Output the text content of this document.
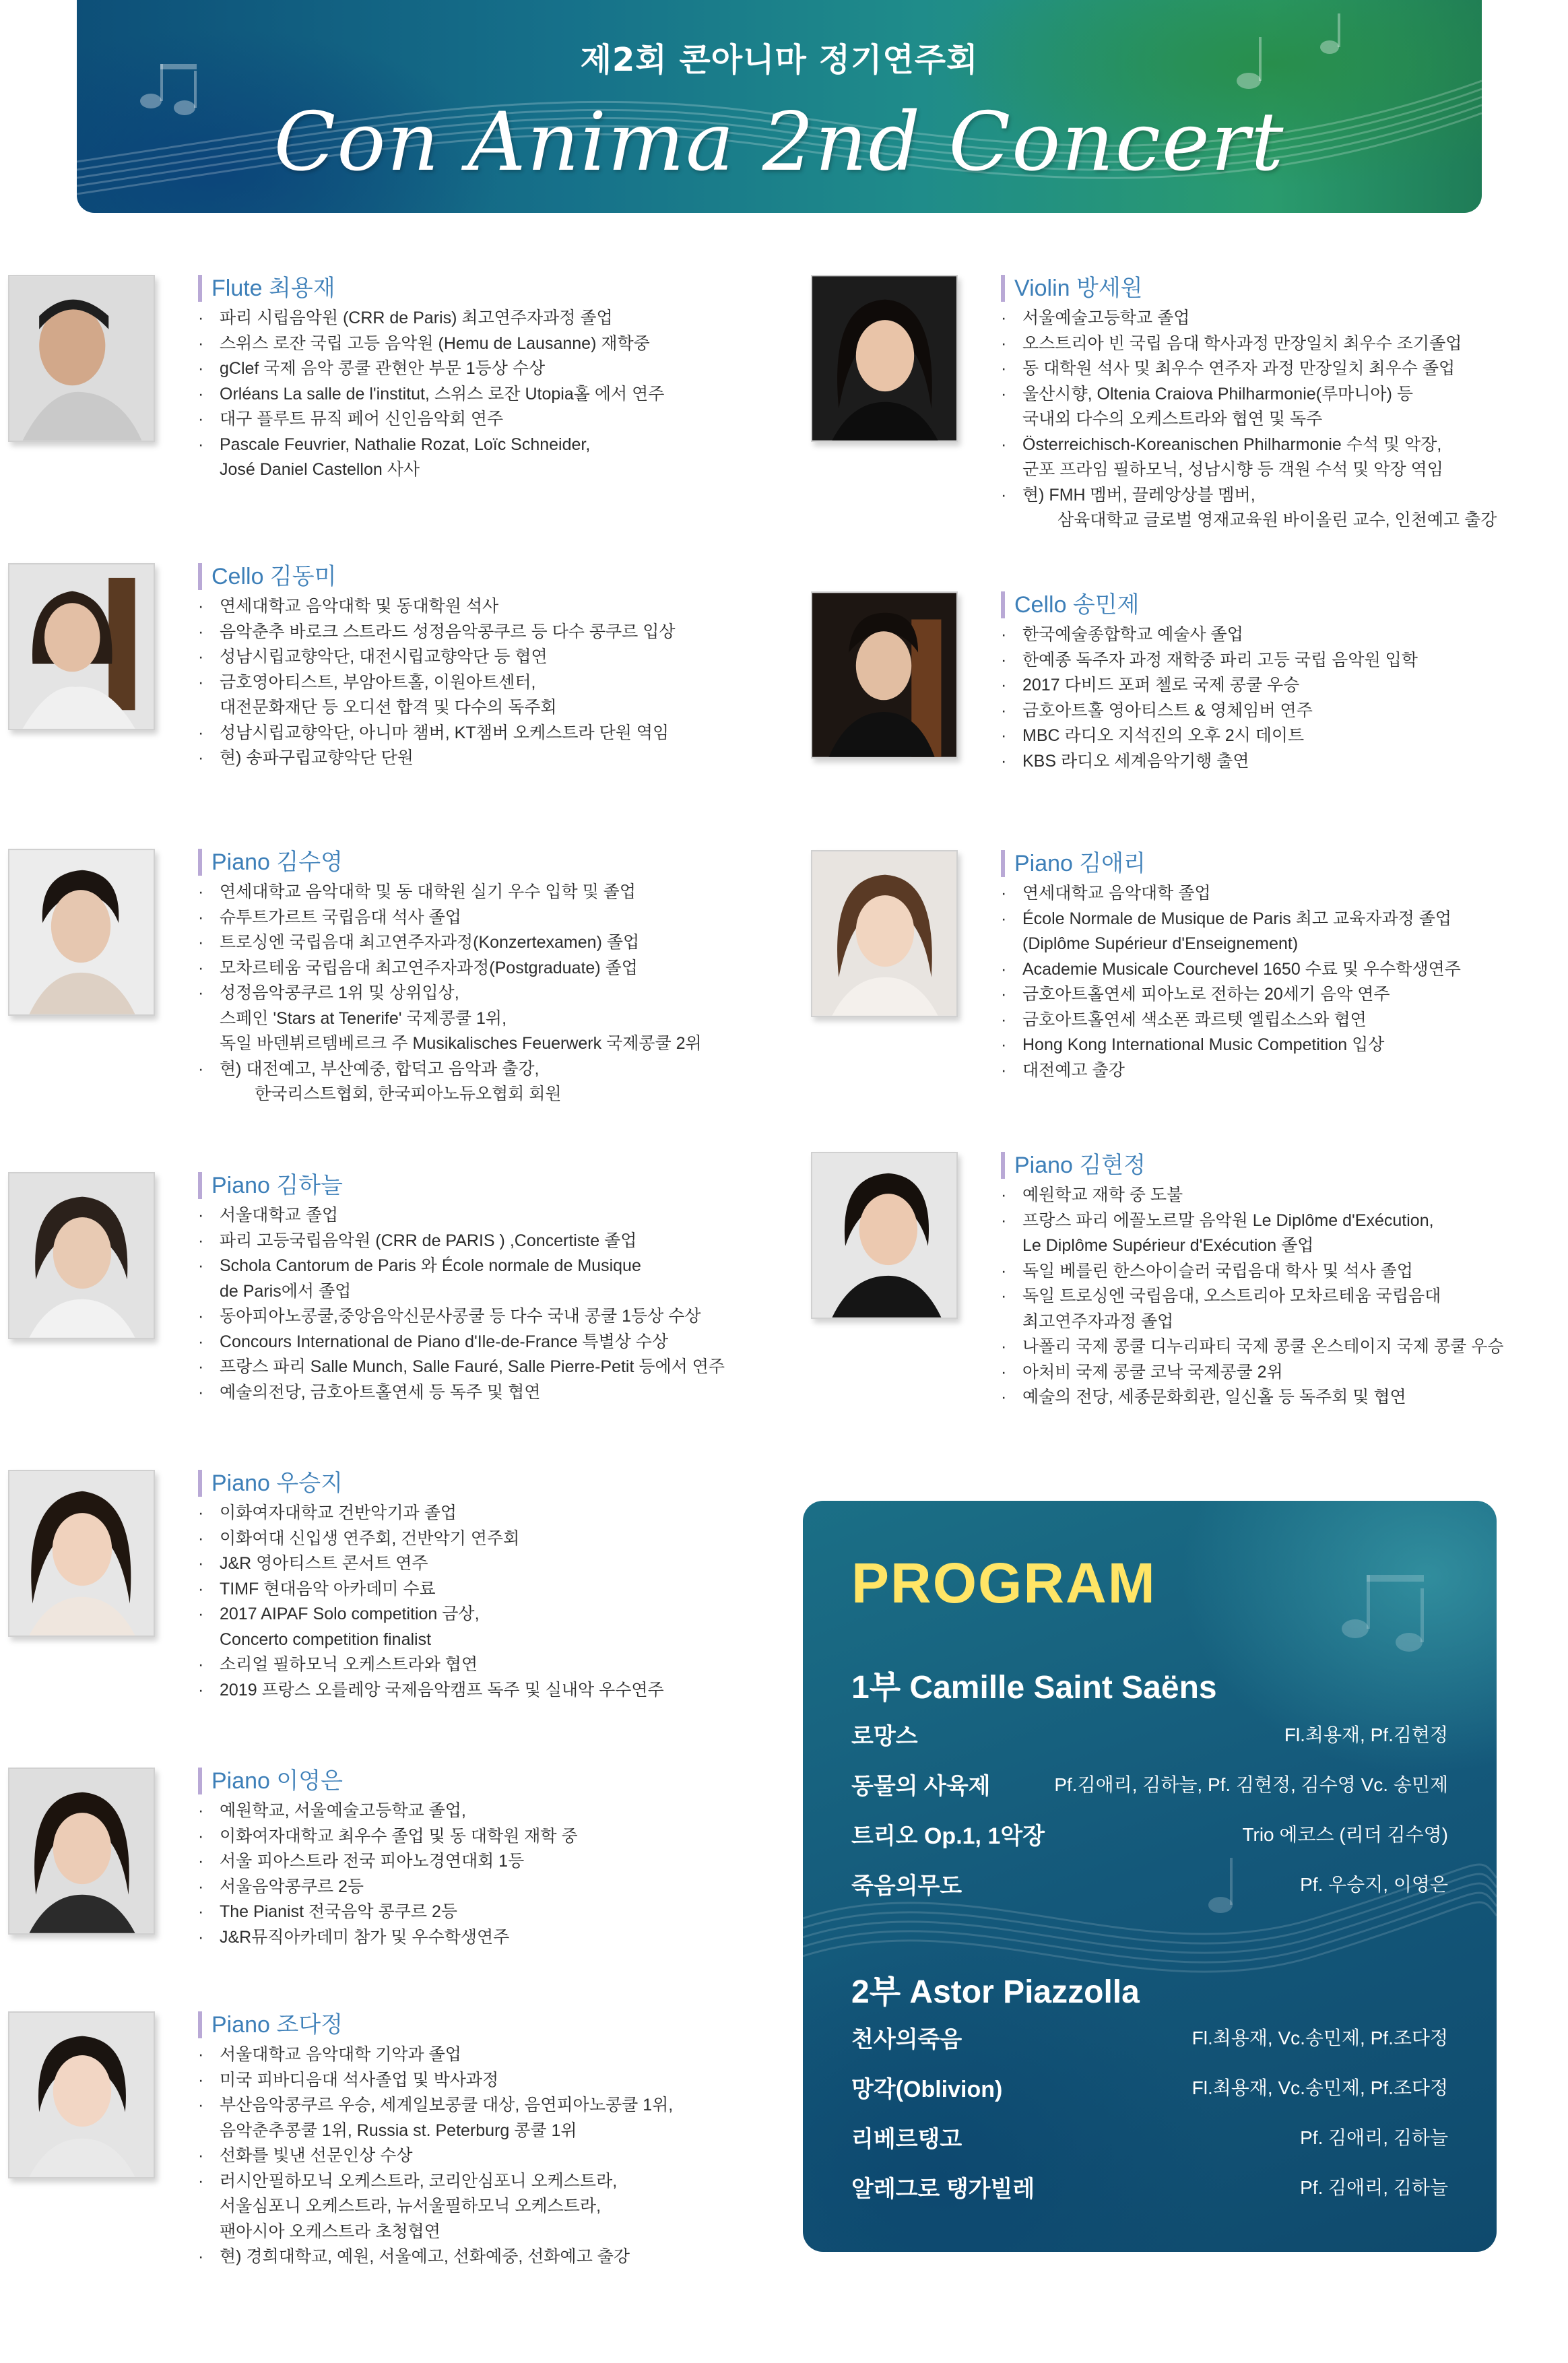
제2회 콘아니마 정기연주회
Con Anima 2nd Concert
Flute 최용재
· 파리 시립음악원 (CRR de Paris) 최고연주자과정 졸업
· 스위스 로잔 국립 고등 음악원 (Hemu de Lausanne) 재학중
· gClef 국제 음악 콩쿨 관현안 부문 1등상 수상
· Orléans La salle de l'institut, 스위스 로잔 Utopia홀 에서 연주
· 대구 플루트 뮤직 페어 신인음악회 연주
· Pascale Feuvrier, Nathalie Rozat, Loïc Schneider,
José Daniel Castellon 사사
Cello 김동미
· 연세대학교 음악대학 및 동대학원 석사
· 음악춘추 바로크 스트라드 성정음악콩쿠르 등 다수 콩쿠르 입상
· 성남시립교향악단, 대전시립교향악단 등 협연
· 금호영아티스트, 부암아트홀, 이원아트센터,
대전문화재단 등 오디션 합격 및 다수의 독주회
· 성남시립교향악단, 아니마 챔버, KT챔버 오케스트라 단원 역임
· 현) 송파구립교향악단 단원
Piano 김수영
· 연세대학교 음악대학 및 동 대학원 실기 우수 입학 및 졸업
· 슈투트가르트 국립음대 석사 졸업
· 트로싱엔 국립음대 최고연주자과정(Konzertexamen) 졸업
· 모차르테움 국립음대 최고연주자과정(Postgraduate) 졸업
· 성정음악콩쿠르 1위 및 상위입상,
스페인 'Stars at Tenerife' 국제콩쿨 1위,
독일 바덴뷔르템베르크 주 Musikalisches Feuerwerk 국제콩쿨 2위
· 현) 대전예고, 부산예중, 합덕고 음악과 출강,
한국리스트협회, 한국피아노듀오협회 회원
Piano 김하늘
· 서울대학교 졸업
· 파리 고등국립음악원 (CRR de PARIS ) ,Concertiste 졸업
· Schola Cantorum de Paris 와 École normale de Musique
de Paris에서 졸업
· 동아피아노콩쿨,중앙음악신문사콩쿨 등 다수 국내 콩쿨 1등상 수상
· Concours International de Piano d'Ile-de-France 특별상 수상
· 프랑스 파리 Salle Munch, Salle Fauré, Salle Pierre-Petit 등에서 연주
· 예술의전당, 금호아트홀연세 등 독주 및 협연
Piano 우승지
· 이화여자대학교 건반악기과 졸업
· 이화여대 신입생 연주회, 건반악기 연주회
· J&R 영아티스트 콘서트 연주
· TIMF 현대음악 아카데미 수료
· 2017 AIPAF Solo competition 금상,
Concerto competition finalist
· 소리얼 필하모닉 오케스트라와 협연
· 2019 프랑스 오를레앙 국제음악캠프 독주 및 실내악 우수연주
Piano 이영은
· 예원학교, 서울예술고등학교 졸업,
· 이화여자대학교 최우수 졸업 및 동 대학원 재학 중
· 서울 피아스트라 전국 피아노경연대회 1등
· 서울음악콩쿠르 2등
· The Pianist 전국음악 콩쿠르 2등
· J&R뮤직아카데미 참가 및 우수학생연주
Piano 조다정
· 서울대학교 음악대학 기악과 졸업
· 미국 피바디음대 석사졸업 및 박사과정
· 부산음악콩쿠르 우승, 세계일보콩쿨 대상, 음연피아노콩쿨 1위,
음악춘추콩쿨 1위, Russia st. Peterburg 콩쿨 1위
· 선화를 빛낸 선문인상 수상
· 러시안필하모닉 오케스트라, 코리안심포니 오케스트라,
서울심포니 오케스트라, 뉴서울필하모닉 오케스트라,
팬아시아 오케스트라 초청협연
· 현) 경희대학교, 예원, 서울예고, 선화예중, 선화예고 출강
Violin 방세원
· 서울예술고등학교 졸업
· 오스트리아 빈 국립 음대 학사과정 만장일치 최우수 조기졸업
· 동 대학원 석사 및 최우수 연주자 과정 만장일치 최우수 졸업
· 울산시향, Oltenia Craiova Philharmonie(루마니아) 등
국내외 다수의 오케스트라와 협연 및 독주
· Österreichisch-Koreanischen Philharmonie 수석 및 악장,
군포 프라임 필하모닉, 성남시향 등 객원 수석 및 악장 역임
· 현) FMH 멤버, 끌레앙상블 멤버,
삼육대학교 글로벌 영재교육원 바이올린 교수, 인천예고 출강
Cello 송민제
· 한국예술종합학교 예술사 졸업
· 한예종 독주자 과정 재학중 파리 고등 국립 음악원 입학
· 2017 다비드 포퍼 첼로 국제 콩쿨 우승
· 금호아트홀 영아티스트 & 영체임버 연주
· MBC 라디오 지석진의 오후 2시 데이트
· KBS 라디오 세계음악기행 출연
Piano 김애리
· 연세대학교 음악대학 졸업
· École Normale de Musique de Paris 최고 교육자과정 졸업
(Diplôme Supérieur d'Enseignement)
· Academie Musicale Courchevel 1650 수료 및 우수학생연주
· 금호아트홀연세 피아노로 전하는 20세기 음악 연주
· 금호아트홀연세 색소폰 콰르텟 엘립소스와 협연
· Hong Kong International Music Competition 입상
· 대전예고 출강
Piano 김현정
· 예원학교 재학 중 도불
· 프랑스 파리 에꼴노르말 음악원 Le Diplôme d'Exécution,
Le Diplôme Supérieur d'Exécution 졸업
· 독일 베를린 한스아이슬러 국립음대 학사 및 석사 졸업
· 독일 트로싱엔 국립음대, 오스트리아 모차르테움 국립음대
최고연주자과정 졸업
· 나폴리 국제 콩쿨 디누리파티 국제 콩쿨 온스테이지 국제 콩쿨 우승
· 아처비 국제 콩쿨 코낙 국제콩쿨 2위
· 예술의 전당, 세종문화회관, 일신홀 등 독주회 및 협연
PROGRAM
1부 Camille Saint Saëns
로망스	Fl.최용재, Pf.김현정
동물의 사육제	Pf.김애리, 김하늘, Pf. 김현정, 김수영 Vc. 송민제
트리오 Op.1, 1악장	Trio 에코스 (리더 김수영)
죽음의무도	Pf. 우승지, 이영은
2부 Astor Piazzolla
천사의죽음	Fl.최용재, Vc.송민제, Pf.조다정
망각(Oblivion)	Fl.최용재, Vc.송민제, Pf.조다정
리베르탱고	Pf. 김애리, 김하늘
알레그로 탱가빌레	Pf. 김애리, 김하늘
